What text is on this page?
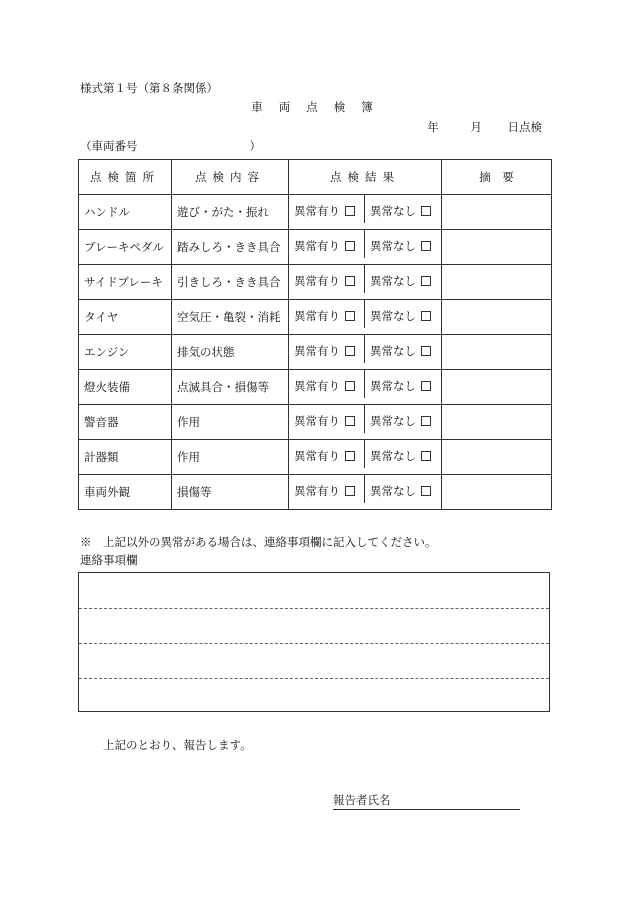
様式第１号（第８条関係）
車両点検簿
年	月 日点検
（車両番号	）
点検箇所	点検内容	点検結果	摘　要
ハンドル	遊び・がた・振れ	異常有り 異常なし	
ブレーキペダル	踏みしろ・きき具合	異常有り 異常なし	
サイドブレーキ	引きしろ・きき具合	異常有り 異常なし	
タイヤ	空気圧・亀裂・消耗	異常有り 異常なし	
エンジン	排気の状態	異常有り 異常なし	
燈火装備	点滅具合・損傷等	異常有り 異常なし	
警音器	作用	異常有り 異常なし	
計器類	作用	異常有り 異常なし	
車両外観	損傷等	異常有り 異常なし	
※　上記以外の異常がある場合は、連絡事項欄に記入してください。
連絡事項欄
上記のとおり、報告します。
報告者氏名
